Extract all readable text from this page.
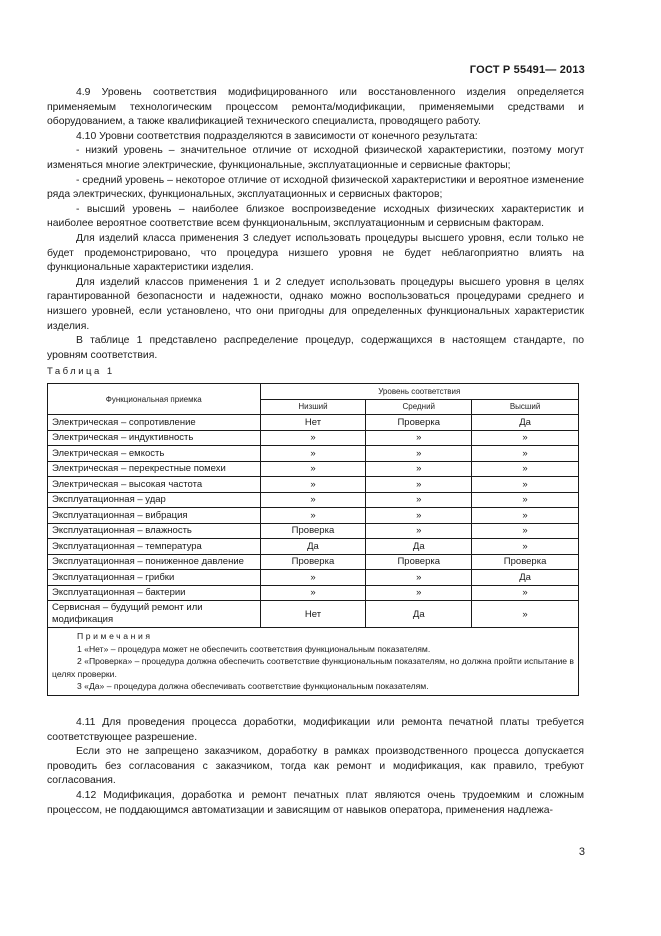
ГОСТ Р 55491— 2013

4.9 Уровень соответствия модифицированного или восстановленного изделия определяется применяемым технологическим процессом ремонта/модификации, применяемыми средствами и оборудованием, а также квалификацией технического специалиста, проводящего работу.

4.10 Уровни соответствия подразделяются в зависимости от конечного результата:

- низкий уровень – значительное отличие от исходной физической характеристики, поэтому могут изменяться многие электрические, функциональные, эксплуатационные и сервисные факторы;

- средний уровень – некоторое отличие от исходной физической характеристики и вероятное изменение ряда электрических, функциональных, эксплуатационных и сервисных факторов;

- высший уровень – наиболее близкое воспроизведение исходных физических характеристик и наиболее вероятное соответствие всем функциональным, эксплуатационным и сервисным факторам.

Для изделий класса применения 3 следует использовать процедуры высшего уровня, если только не будет продемонстрировано, что процедура низшего уровня не будет неблагоприятно влиять на функциональные характеристики изделия.

Для изделий классов применения 1 и 2 следует использовать процедуры высшего уровня в целях гарантированной безопасности и надежности, однако можно воспользоваться процедурами среднего и низшего уровней, если установлено, что они пригодны для определенных функциональных характеристик изделия.

В таблице 1 представлено распределение процедур, содержащихся в настоящем стандарте, по уровням соответствия.

Таблица 1
Функциональная приемка	Уровень соответствия		
	Низший	Средний	Высший
Электрическая – сопротивление	Нет	Проверка	Да
Электрическая – индуктивность	»	»	»
Электрическая – емкость	»	»	»
Электрическая – перекрестные помехи	»	»	»
Электрическая – высокая частота	»	»	»
Эксплуатационная – удар	»	»	»
Эксплуатационная – вибрация	»	»	»
Эксплуатационная – влажность	Проверка	»	»
Эксплуатационная – температура	Да	Да	»
Эксплуатационная – пониженное давление	Проверка	Проверка	Проверка
Эксплуатационная – грибки	»	»	Да
Эксплуатационная – бактерии	»	»	»
Сервисная – будущий ремонт или модификация	Нет	Да	»

Примечания
1 «Нет» – процедура может не обеспечить соответствия функциональным показателям.
2 «Проверка» – процедура должна обеспечить соответствие функциональным показателям, но должна пройти испытание в целях проверки.
3 «Да» – процедура должна обеспечивать соответствие функциональным показателям.			

4.11 Для проведения процесса доработки, модификации или ремонта печатной платы требуется соответствующее разрешение.

Если это не запрещено заказчиком, доработку в рамках производственного процесса допускается проводить без согласования с заказчиком, тогда как ремонт и модификация, как правило, требуют согласования.

4.12 Модификация, доработка и ремонт печатных плат являются очень трудоемким и сложным процессом, не поддающимся автоматизации и зависящим от навыков оператора, применения надлежа-

3
